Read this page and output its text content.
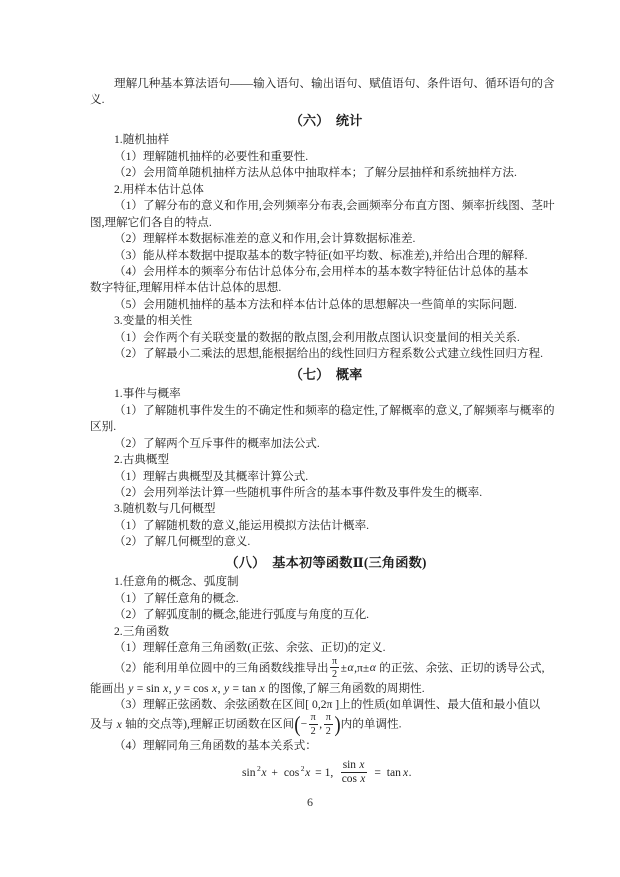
理解几种基本算法语句——输入语句、输出语句、赋值语句、条件语句、循环语句的含
义.
（六）　统计
1.随机抽样
（1）理解随机抽样的必要性和重要性.
（2）会用简单随机抽样方法从总体中抽取样本；了解分层抽样和系统抽样方法.
2.用样本估计总体
（1）了解分布的意义和作用,会列频率分布表,会画频率分布直方图、频率折线图、茎叶
图,理解它们各自的特点.
（2）理解样本数据标准差的意义和作用,会计算数据标准差.
（3）能从样本数据中提取基本的数字特征(如平均数、标准差),并给出合理的解释.
（4）会用样本的频率分布估计总体分布,会用样本的基本数字特征估计总体的基本
数字特征,理解用样本估计总体的思想.
（5）会用随机抽样的基本方法和样本估计总体的思想解决一些简单的实际问题.
3.变量的相关性
（1）会作两个有关联变量的数据的散点图,会利用散点图认识变量间的相关关系.
（2）了解最小二乘法的思想,能根据给出的线性回归方程系数公式建立线性回归方程.
（七）　概率
1.事件与概率
（1）了解随机事件发生的不确定性和频率的稳定性,了解概率的意义,了解频率与概率的
区别.
（2）了解两个互斥事件的概率加法公式.
2.古典概型
（1）理解古典概型及其概率计算公式.
（2）会用列举法计算一些随机事件所含的基本事件数及事件发生的概率.
3.随机数与几何概型
（1）了解随机数的意义,能运用模拟方法估计概率.
（2）了解几何概型的意义.
（八）　基本初等函数Ⅱ(三角函数)
1.任意角的概念、弧度制
（1）了解任意角的概念.
（2）了解弧度制的概念,能进行弧度与角度的互化.
2.三角函数
（1）理解任意角三角函数(正弦、余弦、正切)的定义.
（2）能利用单位圆中的三角函数线推导出 $\frac{\pi}{2} \pm\alpha,\pi\pm\alpha$ 的正弦、余弦、正切的诱导公式,
能画出 y = sin x, y = cos x, y = tan x 的图像,了解三角函数的周期性.
（3）理解正弦函数、余弦函数在区间[ 0,2π ]上的性质(如单调性、最大值和最小值以
及与 x 轴的交点等),理解正切函数在区间(− $\frac{\pi}{2}$ , $\frac{\pi}{2}$ )内的单调性.
（4）理解同角三角函数的基本关系式：
sin $^2$x + cos $^2$x = 1, $\frac{\text{sin x}}{\text{cos x}} = \tan x$.
6
